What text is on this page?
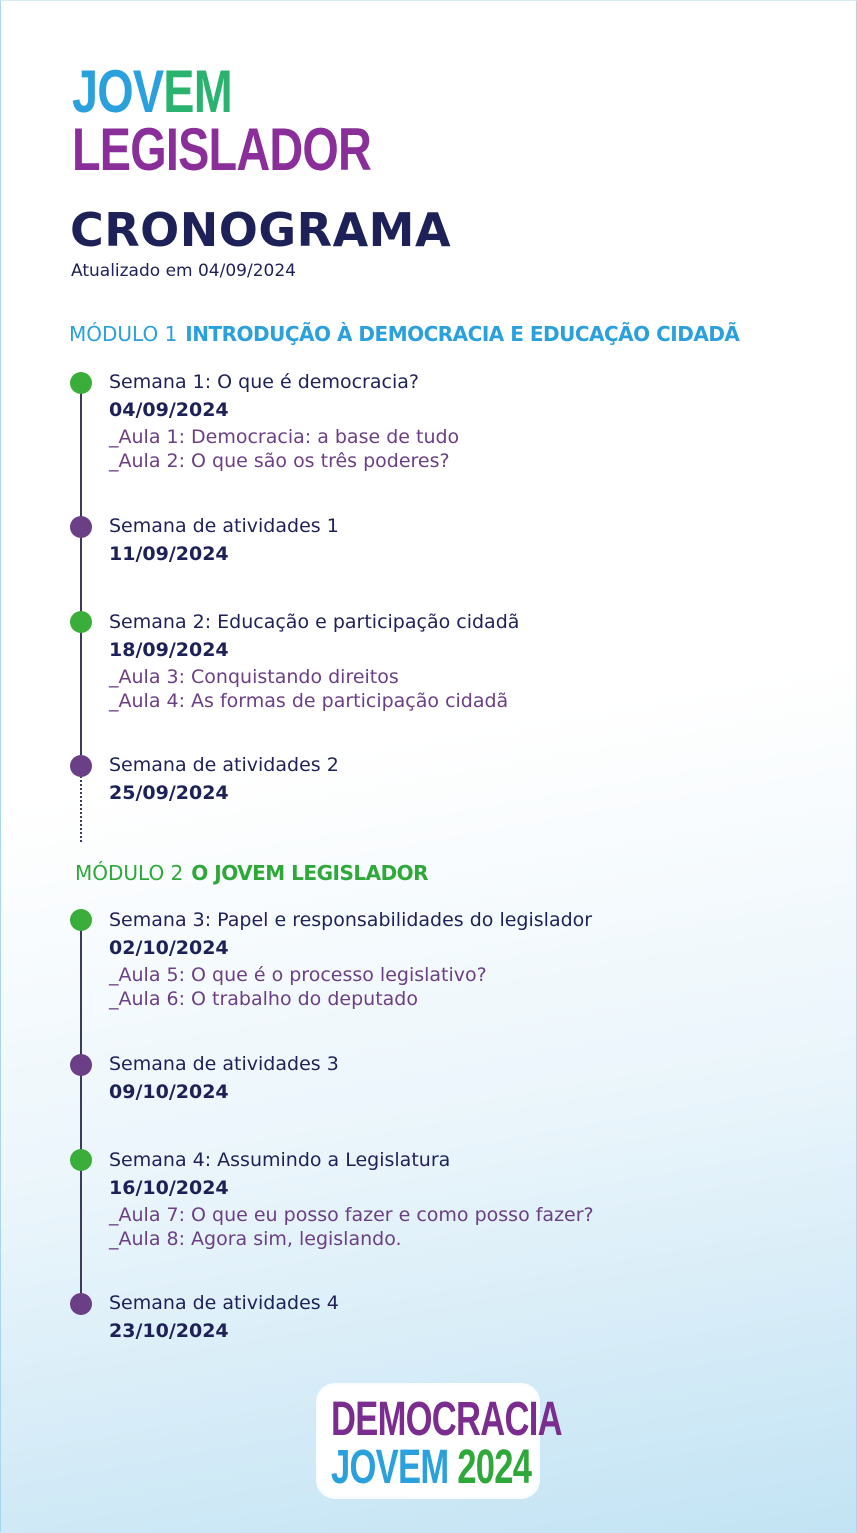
JOVEM
LEGISLADOR
CRONOGRAMA
Atualizado em 04/09/2024
MÓDULO 1 INTRODUÇÃO À DEMOCRACIA E EDUCAÇÃO CIDADÃ
Semana 1: O que é democracia?
04/09/2024
_Aula 1: Democracia: a base de tudo
_Aula 2: O que são os três poderes?
Semana de atividades 1
11/09/2024
Semana 2: Educação e participação cidadã
18/09/2024
_Aula 3: Conquistando direitos
_Aula 4: As formas de participação cidadã
Semana de atividades 2
25/09/2024
MÓDULO 2 O JOVEM LEGISLADOR
Semana 3: Papel e responsabilidades do legislador
02/10/2024
_Aula 5: O que é o processo legislativo?
_Aula 6: O trabalho do deputado
Semana de atividades 3
09/10/2024
Semana 4: Assumindo a Legislatura
16/10/2024
_Aula 7: O que eu posso fazer e como posso fazer?
_Aula 8: Agora sim, legislando.
Semana de atividades 4
23/10/2024
DEMOCRACIA
JOVEM 2024
